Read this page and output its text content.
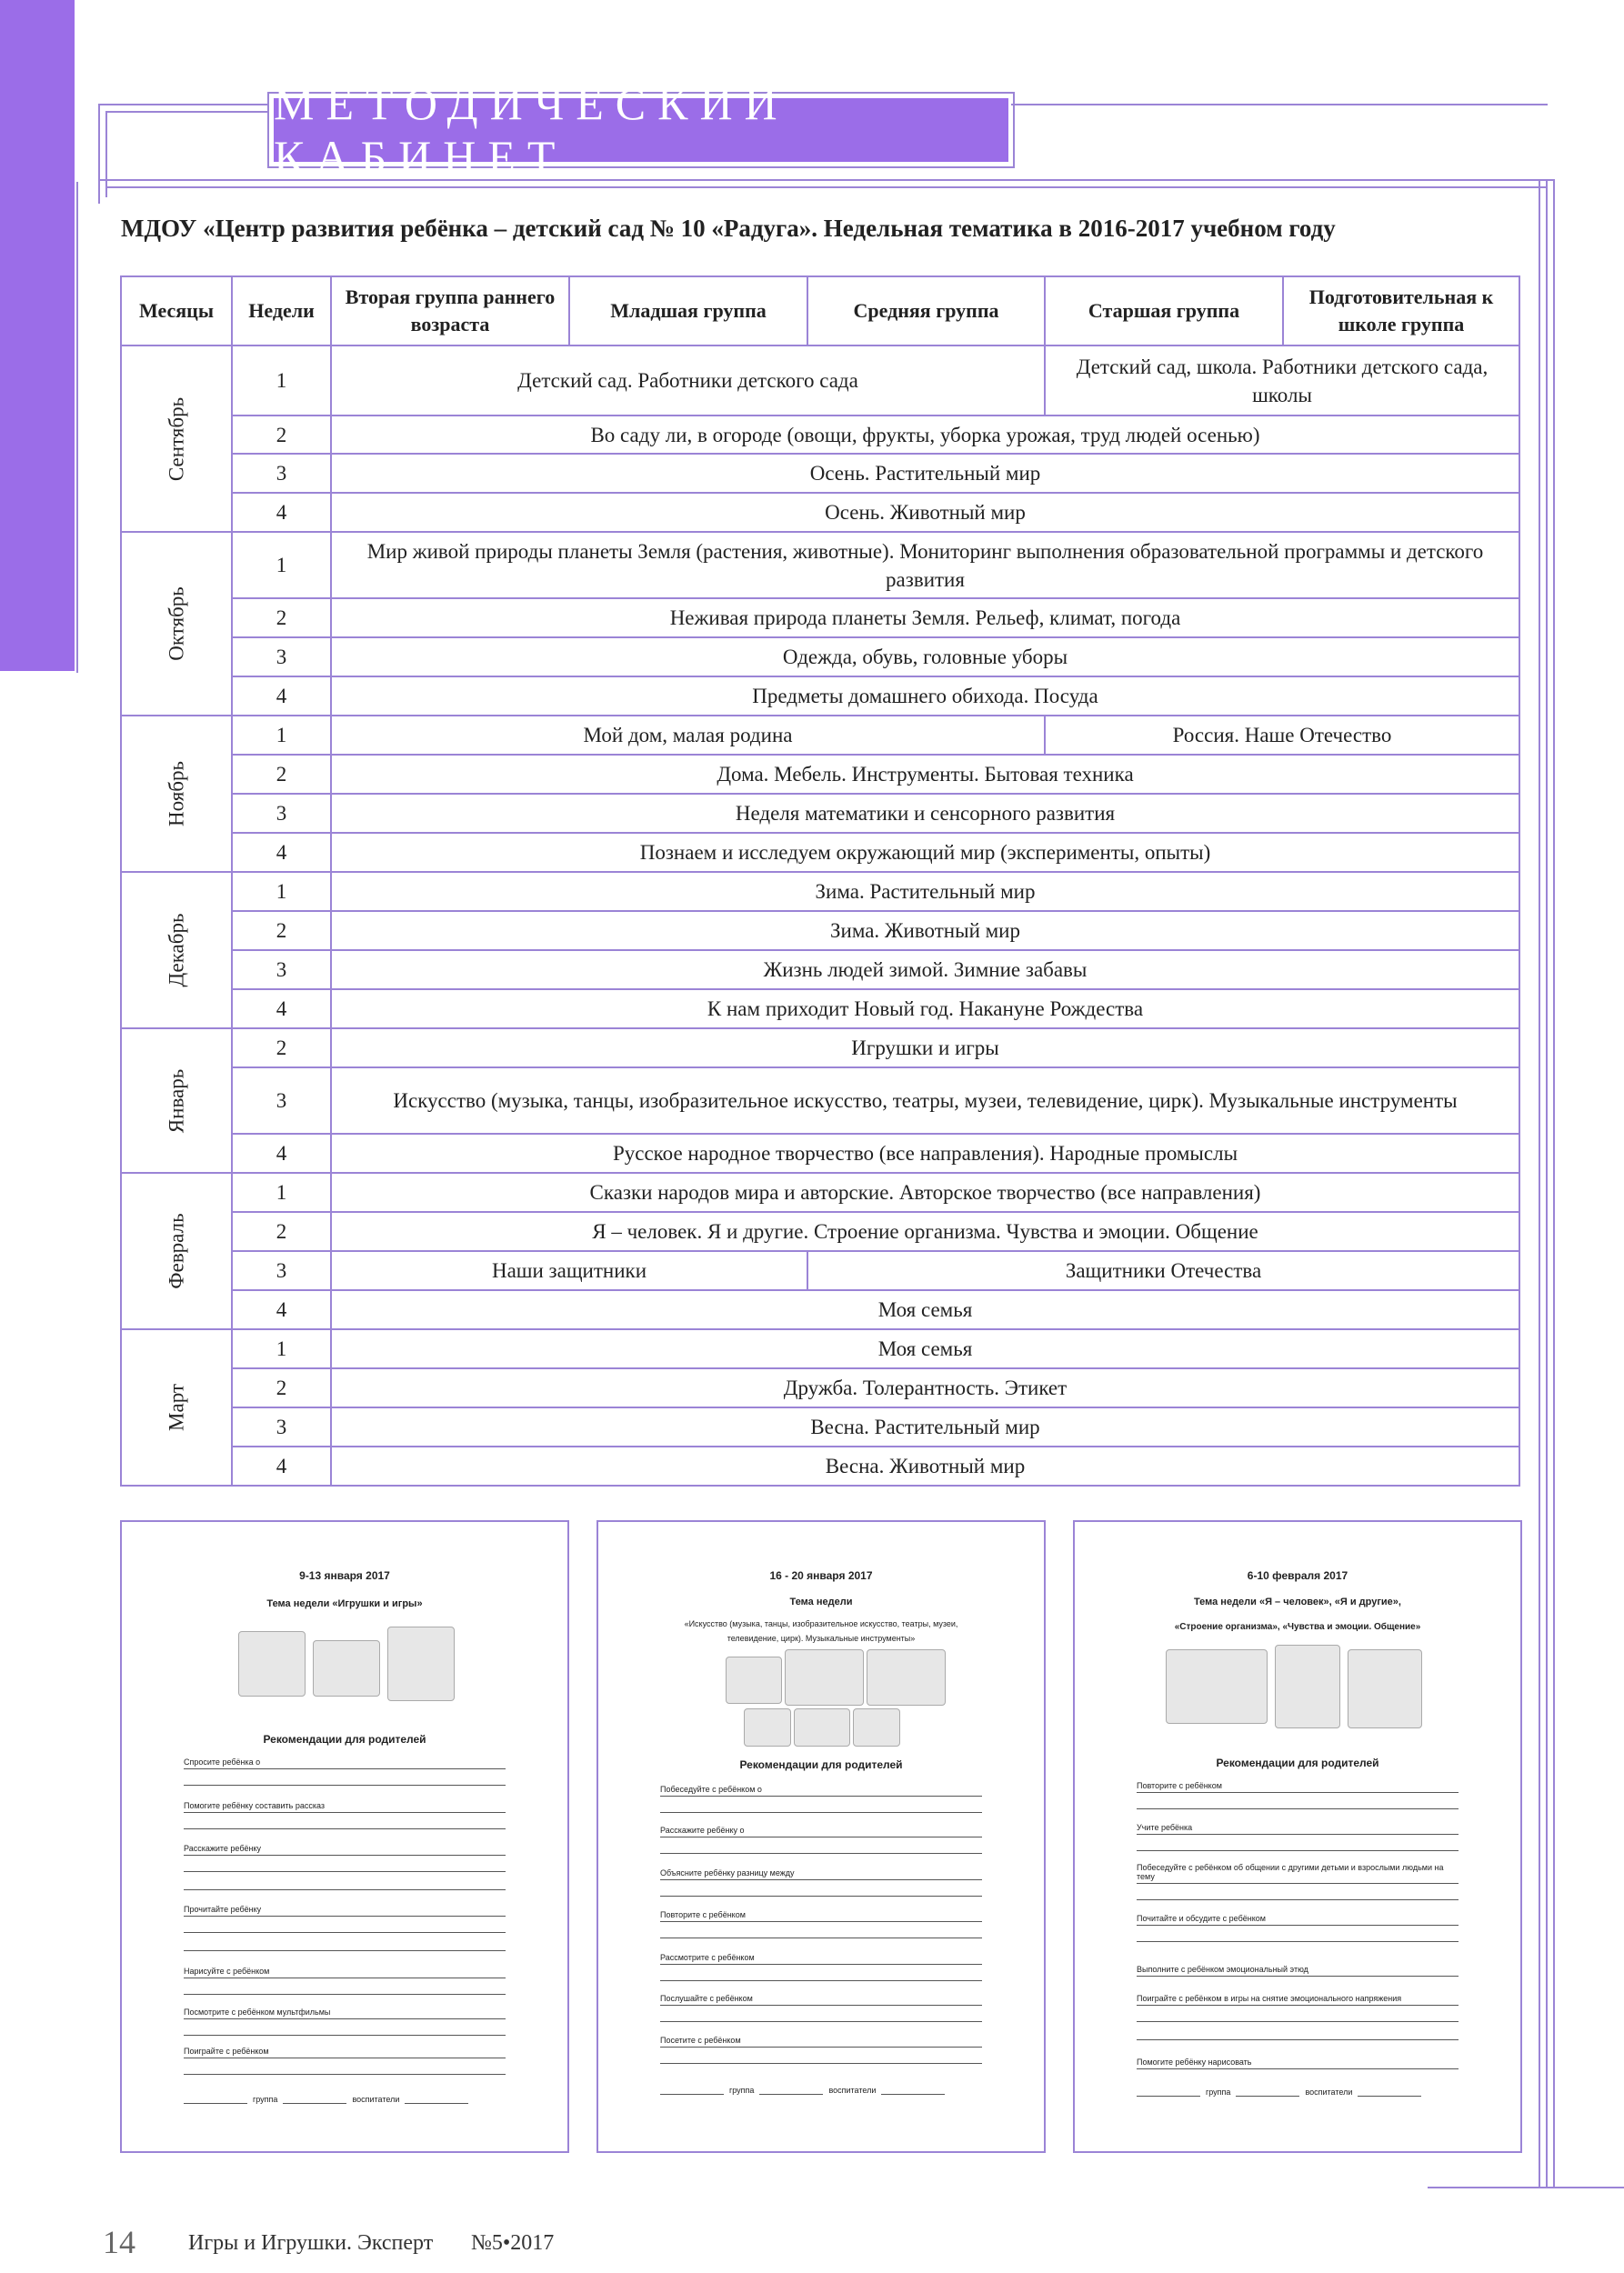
МЕТОДИЧЕСКИЙ КАБИНЕТ
МДОУ «Центр развития ребёнка – детский сад № 10 «Радуга». Недельная тематика в 2016-2017 учебном году
Месяцы	Недели	Вторая группа раннего возраста	Младшая группа	Средняя группа	Старшая группа	Подготовительная к школе группа

Сентябрь	1	Детский сад. Работники детского сада			Детский сад, школа. Работники детского сада, школы	
	2	Во саду ли, в огороде (овощи, фрукты, уборка урожая, труд людей осенью)				
	3	Осень. Растительный мир				
	4	Осень. Животный мир				

Октябрь	1	Мир живой природы планеты Земля (растения, животные). Мониторинг выполнения образовательной программы и детского развития				
	2	Неживая природа планеты Земля. Рельеф, климат, погода				
	3	Одежда, обувь, головные уборы				
	4	Предметы домашнего обихода. Посуда				

Ноябрь	1	Мой дом, малая родина			Россия. Наше Отечество	
	2	Дома. Мебель. Инструменты. Бытовая техника				
	3	Неделя математики и сенсорного развития				
	4	Познаем и исследуем окружающий мир (эксперименты, опыты)				

Декабрь	1	Зима. Растительный мир				
	2	Зима. Животный мир				
	3	Жизнь людей зимой. Зимние забавы				
	4	К нам приходит Новый год. Накануне Рождества				

Январь	2	Игрушки и игры				
	3	Искусство (музыка, танцы, изобразительное искусство, театры, музеи, телевидение, цирк). Музыкальные инструменты				
	4	Русское народное творчество (все направления). Народные промыслы				

Февраль	1	Сказки народов мира и авторские. Авторское творчество (все направления)				
	2	Я – человек. Я и другие. Строение организма. Чувства и эмоции. Общение				
	3	Наши защитники		Защитники Отечества		
	4	Моя семья				

Март	1	Моя семья				
	2	Дружба. Толерантность. Этикет				
	3	Весна. Растительный мир				
	4	Весна. Животный мир				
9-13 января 2017
Тема недели «Игрушки и игры»
Рекомендации для родителей
Спросите ребёнка о
Помогите ребёнку составить рассказ
Расскажите ребёнку
Прочитайте ребёнку
Нарисуйте с ребёнком
Посмотрите с ребёнком мультфильмы
Поиграйте с ребёнком
группа	воспитатели
16 - 20 января 2017
Тема недели
«Искусство (музыка, танцы, изобразительное искусство, театры, музеи,
телевидение, цирк). Музыкальные инструменты»
Рекомендации для родителей
Побеседуйте с ребёнком о
Расскажите ребёнку о
Объясните ребёнку разницу между
Повторите с ребёнком
Рассмотрите с ребёнком
Послушайте с ребёнком
Посетите с ребёнком
группа	воспитатели
6-10 февраля 2017
Тема недели «Я – человек», «Я и другие»,
«Строение организма», «Чувства и эмоции. Общение»
Рекомендации для родителей
Повторите с ребёнком
Учите ребёнка
Побеседуйте с ребёнком об общении с другими детьми и взрослыми людьми на тему
Почитайте и обсудите с ребёнком
Выполните с ребёнком эмоциональный этюд
Поиграйте с ребёнком в игры на снятие эмоционального напряжения
Помогите ребёнку нарисовать
группа	воспитатели
14 Игры и Игрушки. Эксперт №5•2017
